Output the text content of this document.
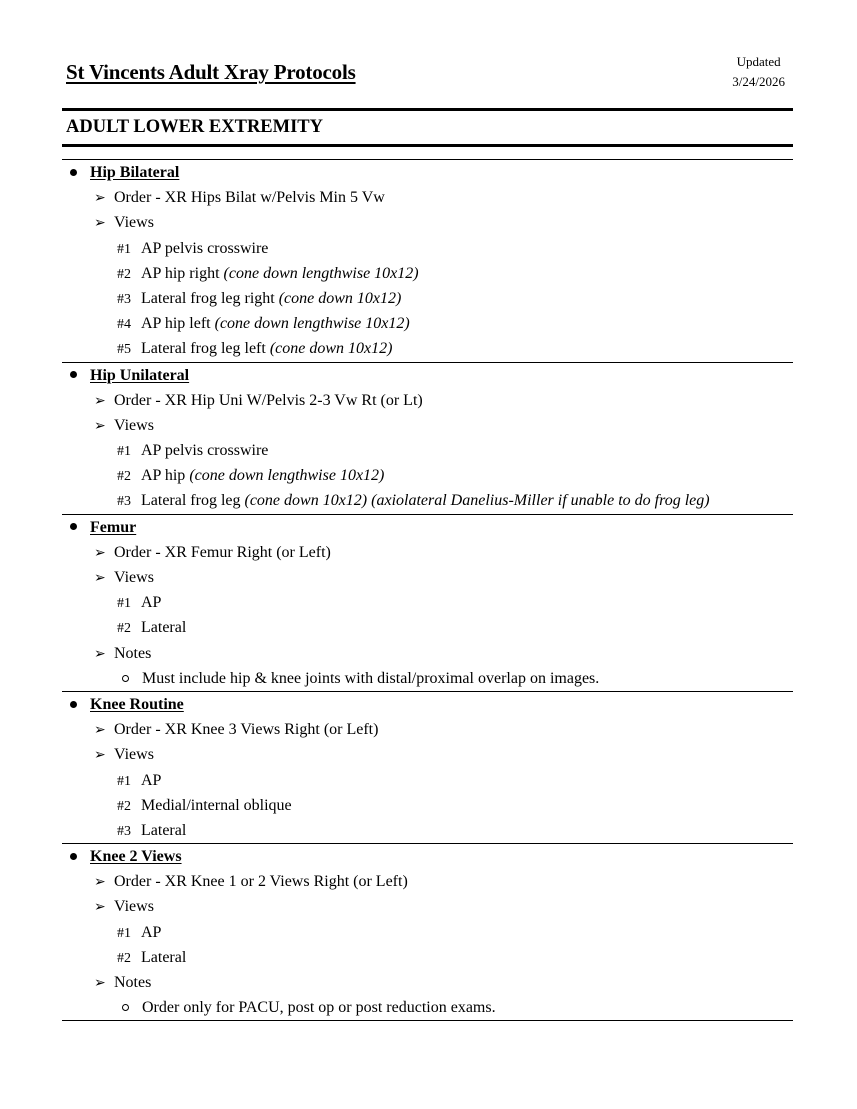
St Vincents Adult Xray Protocols	Updated
3/24/2026
ADULT LOWER EXTREMITY
Hip Bilateral
➢ Order - XR Hips Bilat w/Pelvis Min 5 Vw
➢ Views
#1 AP pelvis crosswire
#2 AP hip right (cone down lengthwise 10x12)
#3 Lateral frog leg right (cone down 10x12)
#4 AP hip left (cone down lengthwise 10x12)
#5 Lateral frog leg left (cone down 10x12)
Hip Unilateral
➢ Order - XR Hip Uni W/Pelvis 2-3 Vw Rt (or Lt)
➢ Views
#1 AP pelvis crosswire
#2 AP hip (cone down lengthwise 10x12)
#3 Lateral frog leg (cone down 10x12) (axiolateral Danelius-Miller if unable to do frog leg)
Femur
➢ Order - XR Femur Right (or Left)
➢ Views
#1 AP
#2 Lateral
➢ Notes
Must include hip & knee joints with distal/proximal overlap on images.
Knee Routine
➢ Order - XR Knee 3 Views Right (or Left)
➢ Views
#1 AP
#2 Medial/internal oblique
#3 Lateral
Knee 2 Views
➢ Order - XR Knee 1 or 2 Views Right (or Left)
➢ Views
#1 AP
#2 Lateral
➢ Notes
Order only for PACU, post op or post reduction exams.
